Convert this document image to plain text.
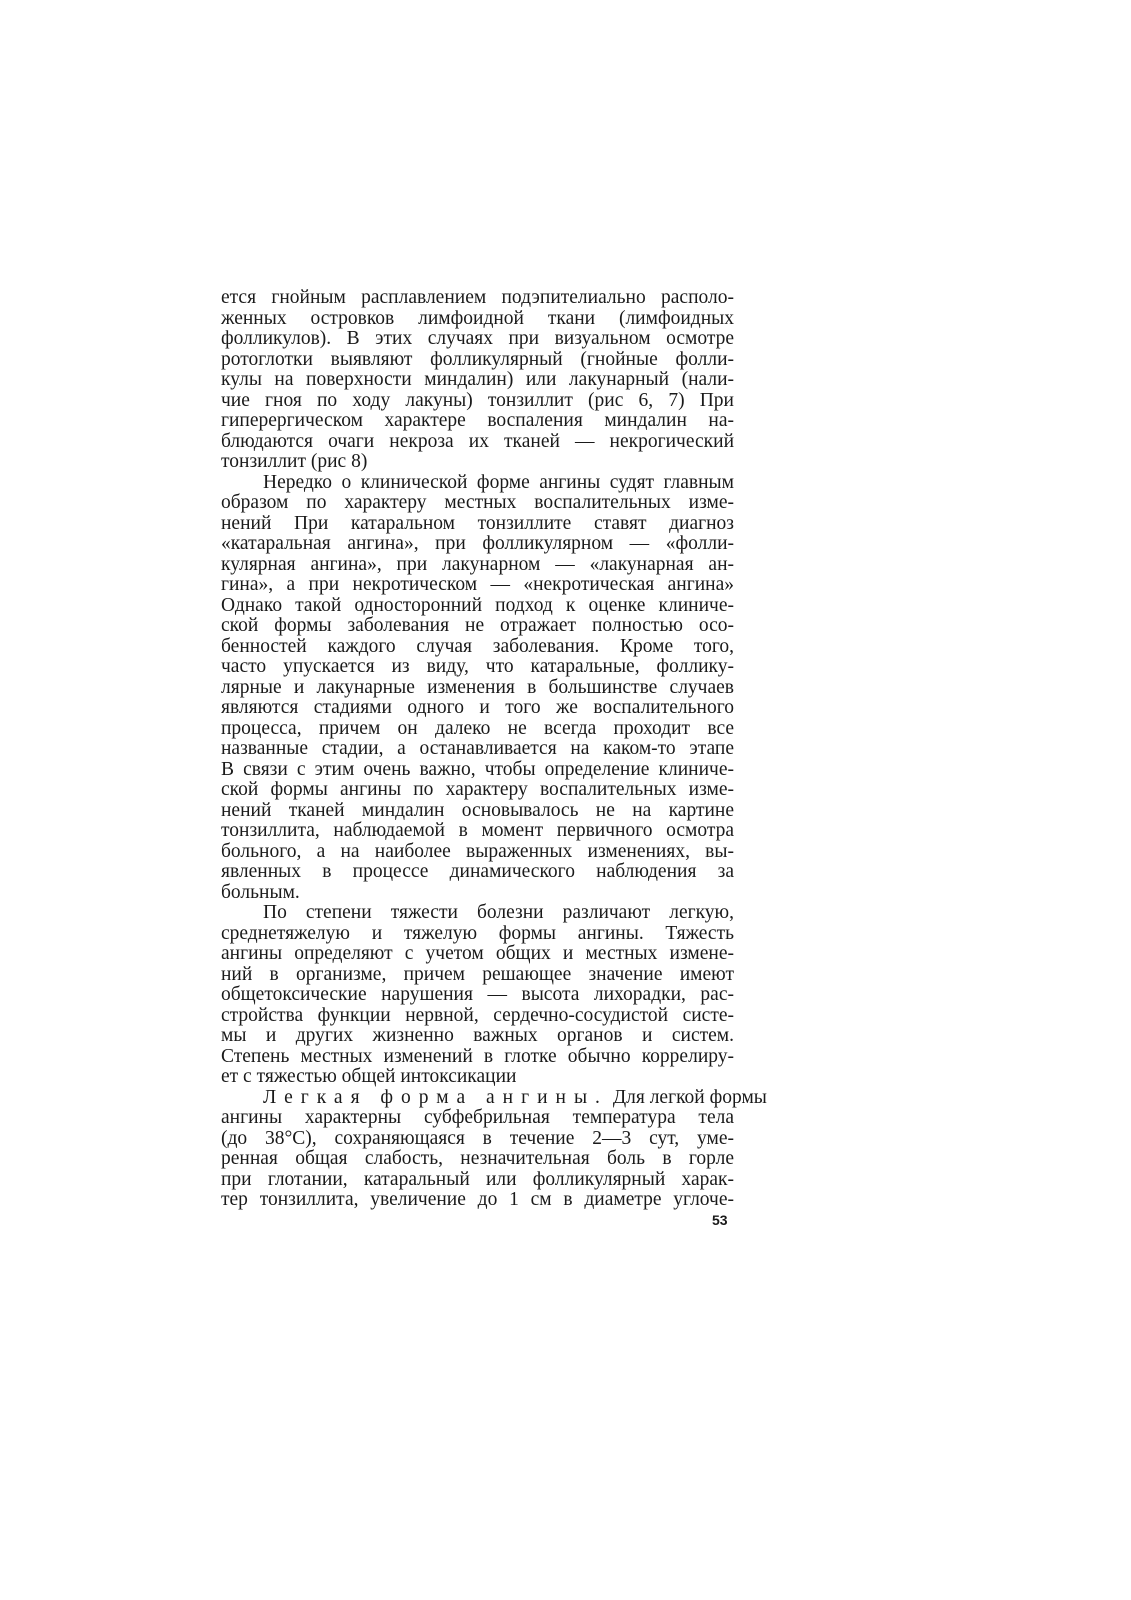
ется гнойным расплавлением подэпителиально располо-
женных островков лимфоидной ткани (лимфоидных
фолликулов). В этих случаях при визуальном осмотре
ротоглотки выявляют фолликулярный (гнойные фолли-
кулы на поверхности миндалин) или лакунарный (нали-
чие гноя по ходу лакуны) тонзиллит (рис 6, 7) При
гиперергическом характере воспаления миндалин на-
блюдаются очаги некроза их тканей — некрогический
тонзиллит (рис 8)
Нередко о клинической форме ангины судят главным
образом по характеру местных воспалительных изме-
нений При катаральном тонзиллите ставят диагноз
«катаральная ангина», при фолликулярном — «фолли-
кулярная ангина», при лакунарном — «лакунарная ан-
гина», а при некротическом — «некротическая ангина»
Однако такой односторонний подход к оценке клиниче-
ской формы заболевания не отражает полностью осо-
бенностей каждого случая заболевания. Кроме того,
часто упускается из виду, что катаральные, фоллику-
лярные и лакунарные изменения в большинстве случаев
являются стадиями одного и того же воспалительного
процесса, причем он далеко не всегда проходит все
названные стадии, а останавливается на каком-то этапе
В связи с этим очень важно, чтобы определение клиниче-
ской формы ангины по характеру воспалительных изме-
нений тканей миндалин основывалось не на картине
тонзиллита, наблюдаемой в момент первичного осмотра
больного, а на наиболее выраженных изменениях, вы-
явленных в процессе динамического наблюдения за
больным.
По степени тяжести болезни различают легкую,
среднетяжелую и тяжелую формы ангины. Тяжесть
ангины определяют с учетом общих и местных измене-
ний в организме, причем решающее значение имеют
общетоксические нарушения — высота лихорадки, рас-
стройства функции нервной, сердечно-сосудистой систе-
мы и других жизненно важных органов и систем.
Степень местных изменений в глотке обычно коррелиру-
ет с тяжестью общей интоксикации
Легкая форма ангины. Для легкой формы
ангины характерны субфебрильная температура тела
(до 38°С), сохраняющаяся в течение 2—3 сут, уме-
ренная общая слабость, незначительная боль в горле
при глотании, катаральный или фолликулярный харак-
тер тонзиллита, увеличение до 1 см в диаметре углоче-
53
